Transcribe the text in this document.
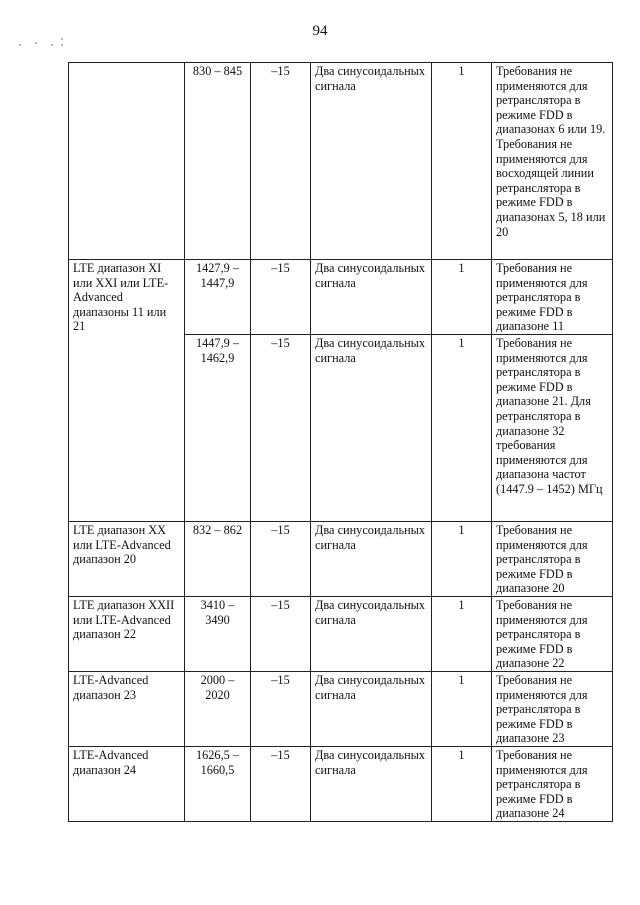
94
	830 – 845	–15	Два синусоидальных сигнала	1	Требования не применяются для ретранслятора в режиме FDD в диапазонах 6 или 19. Требования не применяются для восходящей линии ретранслятора в режиме FDD в диапазонах 5, 18 или 20
LTE диапазон XI или XXI или LTE-Advanced диапазоны 11 или 21	1427,9 – 1447,9	–15	Два синусоидальных сигнала	1	Требования не применяются для ретранслятора в режиме FDD в диапазоне 11
	1447,9 – 1462,9	–15	Два синусоидальных сигнала	1	Требования не применяются для ретранслятора в режиме FDD в диапазоне 21. Для ретранслятора в диапазоне 32 требования применяются для диапазона частот (1447.9 – 1452) МГц
LTE диапазон XX или LTE-Advanced диапазон 20	832 – 862	–15	Два синусоидальных сигнала	1	Требования не применяются для ретранслятора в режиме FDD в диапазоне 20
LTE диапазон XXII или LTE-Advanced диапазон 22	3410 – 3490	–15	Два синусоидальных сигнала	1	Требования не применяются для ретранслятора в режиме FDD в диапазоне 22
LTE-Advanced диапазон 23	2000 – 2020	–15	Два синусоидальных сигнала	1	Требования не применяются для ретранслятора в режиме FDD в диапазоне 23
LTE-Advanced диапазон 24	1626,5 – 1660,5	–15	Два синусоидальных сигнала	1	Требования не применяются для ретранслятора в режиме FDD в диапазоне 24
